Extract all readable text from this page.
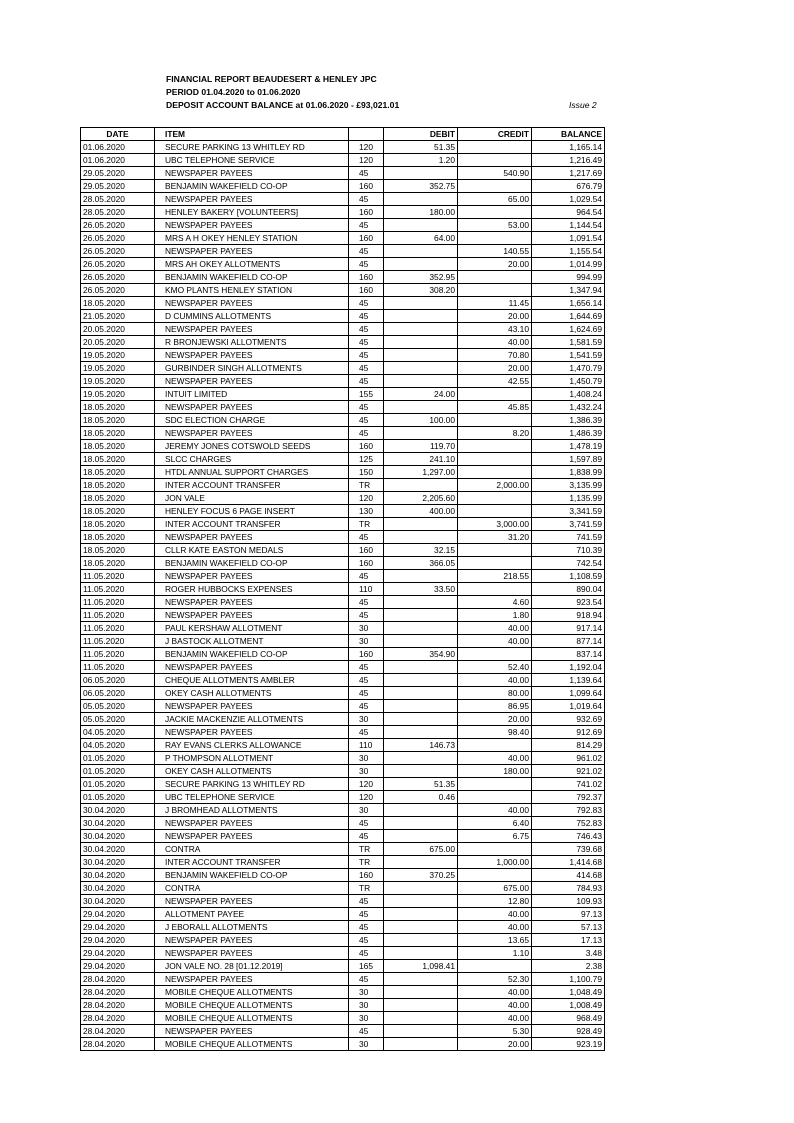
FINANCIAL REPORT BEAUDESERT & HENLEY JPC
PERIOD 01.04.2020 to 01.06.2020
DEPOSIT ACCOUNT BALANCE at 01.06.2020 - £93,021.01	Issue 2
DATE	ITEM		DEBIT	CREDIT	BALANCE
01.06.2020	SECURE PARKING 13 WHITLEY RD	120	51.35		1,165.14
01.06.2020	UBC TELEPHONE SERVICE	120	1.20		1,216.49
29.05.2020	NEWSPAPER PAYEES	45		540.90	1,217.69
29.05.2020	BENJAMIN WAKEFIELD CO-OP	160	352.75		676.79
28.05.2020	NEWSPAPER PAYEES	45		65.00	1,029.54
28.05.2020	HENLEY BAKERY [VOLUNTEERS]	160	180.00		964.54
26.05.2020	NEWSPAPER PAYEES	45		53.00	1,144.54
26.05.2020	MRS A H OKEY HENLEY STATION	160	64.00		1,091.54
26.05.2020	NEWSPAPER PAYEES	45		140.55	1,155.54
26.05.2020	MRS AH OKEY ALLOTMENTS	45		20.00	1,014.99
26.05.2020	BENJAMIN WAKEFIELD CO-OP	160	352.95		994.99
26.05.2020	KMO PLANTS HENLEY STATION	160	308.20		1,347.94
18.05.2020	NEWSPAPER PAYEES	45		11.45	1,656.14
21.05.2020	D CUMMINS ALLOTMENTS	45		20.00	1,644.69
20.05.2020	NEWSPAPER PAYEES	45		43.10	1,624.69
20.05.2020	R BRONJEWSKI ALLOTMENTS	45		40.00	1,581.59
19.05.2020	NEWSPAPER PAYEES	45		70.80	1,541.59
19.05.2020	GURBINDER SINGH ALLOTMENTS	45		20.00	1,470.79
19.05.2020	NEWSPAPER PAYEES	45		42.55	1,450.79
19.05.2020	INTUIT LIMITED	155	24.00		1,408.24
18.05.2020	NEWSPAPER PAYEES	45		45.85	1,432.24
18.05.2020	SDC ELECTION CHARGE	45	100.00		1,386.39
18.05.2020	NEWSPAPER PAYEES	45		8.20	1,486.39
18.05.2020	JEREMY JONES COTSWOLD SEEDS	160	119.70		1,478.19
18.05.2020	SLCC CHARGES	125	241.10		1,597.89
18.05.2020	HTDL ANNUAL SUPPORT CHARGES	150	1,297.00		1,838.99
18.05.2020	INTER ACCOUNT TRANSFER	TR		2,000.00	3,135.99
18.05.2020	JON VALE	120	2,205.60		1,135.99
18.05.2020	HENLEY FOCUS 6 PAGE INSERT	130	400.00		3,341.59
18.05.2020	INTER ACCOUNT TRANSFER	TR		3,000.00	3,741.59
18.05.2020	NEWSPAPER PAYEES	45		31.20	741.59
18.05.2020	CLLR KATE EASTON MEDALS	160	32.15		710.39
18.05.2020	BENJAMIN WAKEFIELD CO-OP	160	366.05		742.54
11.05.2020	NEWSPAPER PAYEES	45		218.55	1,108.59
11.05.2020	ROGER HUBBOCKS EXPENSES	110	33.50		890.04
11.05.2020	NEWSPAPER PAYEES	45		4.60	923.54
11.05.2020	NEWSPAPER PAYEES	45		1.80	918.94
11.05.2020	PAUL KERSHAW ALLOTMENT	30		40.00	917.14
11.05.2020	J BASTOCK ALLOTMENT	30		40.00	877.14
11.05.2020	BENJAMIN WAKEFIELD CO-OP	160	354.90		837.14
11.05.2020	NEWSPAPER PAYEES	45		52.40	1,192.04
06.05.2020	CHEQUE ALLOTMENTS AMBLER	45		40.00	1,139.64
06.05.2020	OKEY CASH ALLOTMENTS	45		80.00	1,099.64
05.05.2020	NEWSPAPER PAYEES	45		86.95	1,019.64
05.05.2020	JACKIE MACKENZIE ALLOTMENTS	30		20.00	932.69
04.05.2020	NEWSPAPER PAYEES	45		98.40	912.69
04.05.2020	RAY EVANS CLERKS ALLOWANCE	110	146.73		814.29
01.05.2020	P THOMPSON ALLOTMENT	30		40.00	961.02
01.05.2020	OKEY CASH ALLOTMENTS	30		180.00	921.02
01.05.2020	SECURE PARKING 13 WHITLEY RD	120	51.35		741.02
01.05.2020	UBC TELEPHONE SERVICE	120	0.46		792.37
30.04.2020	J BROMHEAD ALLOTMENTS	30		40.00	792.83
30.04.2020	NEWSPAPER PAYEES	45		6.40	752.83
30.04.2020	NEWSPAPER PAYEES	45		6.75	746.43
30.04.2020	CONTRA	TR	675.00		739.68
30.04.2020	INTER ACCOUNT TRANSFER	TR		1,000.00	1,414.68
30.04.2020	BENJAMIN WAKEFIELD CO-OP	160	370.25		414.68
30.04.2020	CONTRA	TR		675.00	784.93
30.04.2020	NEWSPAPER PAYEES	45		12.80	109.93
29.04.2020	ALLOTMENT PAYEE	45		40.00	97.13
29.04.2020	J EBORALL ALLOTMENTS	45		40.00	57.13
29.04.2020	NEWSPAPER PAYEES	45		13.65	17.13
29.04.2020	NEWSPAPER PAYEES	45		1.10	3.48
29.04.2020	JON VALE NO. 28 [01.12.2019]	165	1,098.41		2.38
28.04.2020	NEWSPAPER PAYEES	45		52.30	1,100.79
28.04.2020	MOBILE CHEQUE ALLOTMENTS	30		40.00	1,048.49
28.04.2020	MOBILE CHEQUE ALLOTMENTS	30		40.00	1,008.49
28.04.2020	MOBILE CHEQUE ALLOTMENTS	30		40.00	968.49
28.04.2020	NEWSPAPER PAYEES	45		5.30	928.49
28.04.2020	MOBILE CHEQUE ALLOTMENTS	30		20.00	923.19
